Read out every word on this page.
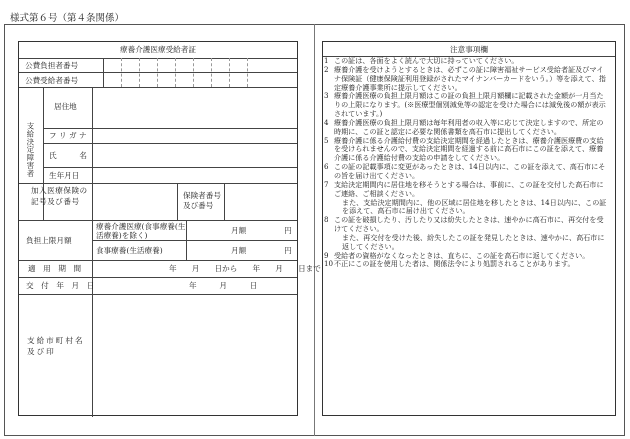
様式第６号（第４条関係）
療養介護医療受給者証
公費負担者番号
公費受給者番号
支給決定障害者
居住地
フ リ ガ ナ
氏　　　名
生年月日
加入医療保険の記号及び番号
保険者番号及び番号
負担上限月額
療養介護医療(食事療養(生活療養)を除く)
食事療養(生活療養)
月額　　　　　円
月額　　　　　円
適　用　期　間	年　　月　　日から　　年　　月　　日まで
交　付　年　月　日	年　　　月　　　日
支給市町村名及び印
注意事項欄
1 この証は、各面をよく読んで大切に持っていてください。
2 療養介護を受けようとするときは、必ずこの証に障害福祉サービス受給者証及びマイナ保険証（健康保険証利用登録がされたマイナンバーカードをいう。）等を添えて、指定療養介護事業所に提示してください。
3 療養介護医療の負担上限月額はこの証の負担上限月額欄に記載された金額が一月当たりの上限になります。(※医療型個別減免等の認定を受けた場合には減免後の額が表示されています。)
4 療養介護医療の負担上限月額は毎年利用者の収入等に応じて決定しますので、所定の時期に、この証と認定に必要な関係書類を高石市に提出してください。
5 療養介護に係る介護給付費の支給決定期間を経過したときは、療養介護医療費の支給を受けられませんので、支給決定期間を経過する前に高石市にこの証を添えて、療養介護に係る介護給付費の支給の申請をしてください。
6 この証の記載事項に変更があったときは、14日以内に、この証を添えて、高石市にその旨を届け出てください。
7 支給決定期間内に居住地を移そうとする場合は、事前に、この証を交付した高石市にご連絡、ご相談ください。
また、支給決定期間内に、他の区域に居住地を移したときは、14日以内に、この証を添えて、高石市に届け出てください。
8 この証を破損したり、汚したり又は紛失したときは、速やかに高石市に、再交付を受けてください。
また、再交付を受けた後、紛失したこの証を発見したときは、速やかに、高石市に返してください。
9 受給者の資格がなくなったときは、直ちに、この証を高石市に返してください。
10 不正にこの証を使用した者は、関係法令により処罰されることがあります。
